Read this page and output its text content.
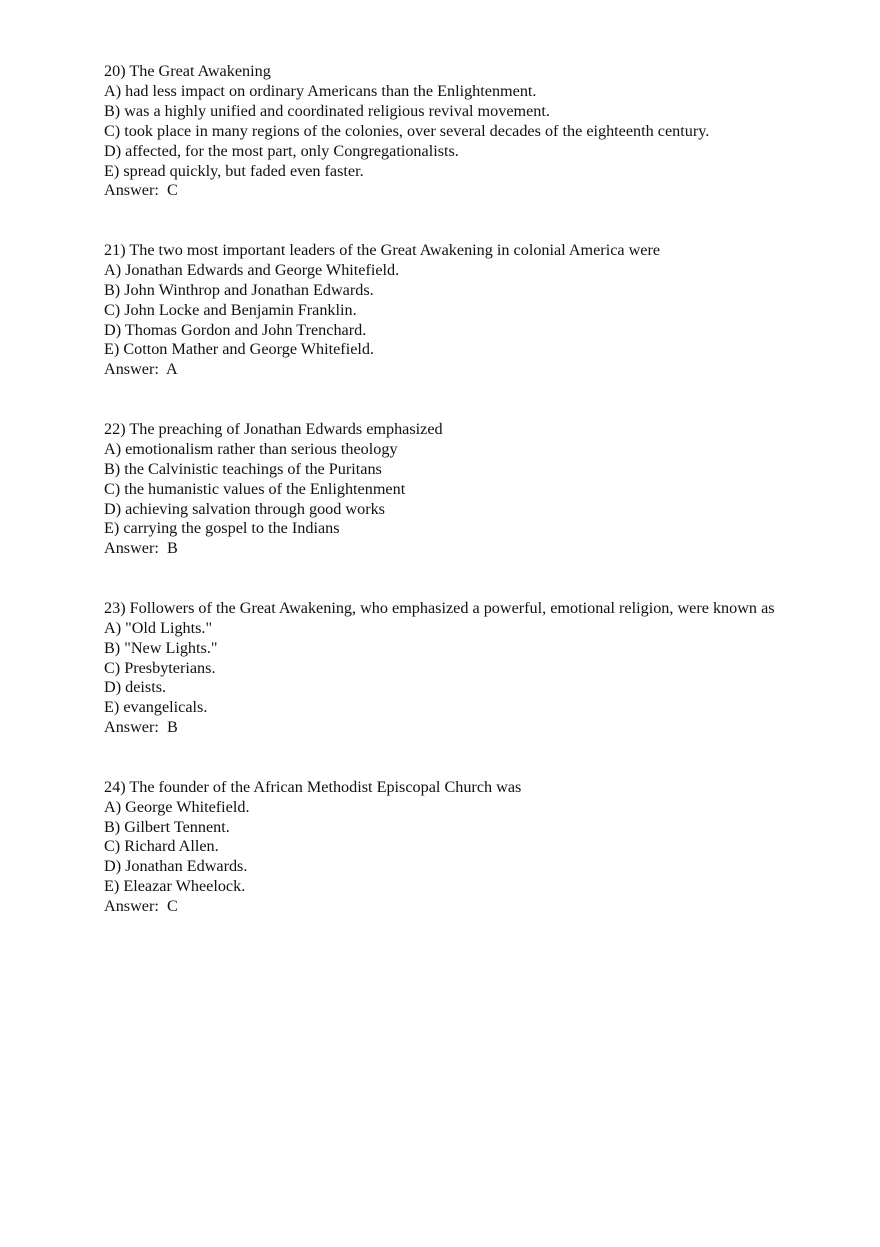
20) The Great Awakening
A) had less impact on ordinary Americans than the Enlightenment.
B) was a highly unified and coordinated religious revival movement.
C) took place in many regions of the colonies, over several decades of the eighteenth century.
D) affected, for the most part, only Congregationalists.
E) spread quickly, but faded even faster.
Answer:  C
21) The two most important leaders of the Great Awakening in colonial America were
A) Jonathan Edwards and George Whitefield.
B) John Winthrop and Jonathan Edwards.
C) John Locke and Benjamin Franklin.
D) Thomas Gordon and John Trenchard.
E) Cotton Mather and George Whitefield.
Answer:  A
22) The preaching of Jonathan Edwards emphasized
A) emotionalism rather than serious theology
B) the Calvinistic teachings of the Puritans
C) the humanistic values of the Enlightenment
D) achieving salvation through good works
E) carrying the gospel to the Indians
Answer:  B
23) Followers of the Great Awakening, who emphasized a powerful, emotional religion, were known as
A) "Old Lights."
B) "New Lights."
C) Presbyterians.
D) deists.
E) evangelicals.
Answer:  B
24) The founder of the African Methodist Episcopal Church was
A) George Whitefield.
B) Gilbert Tennent.
C) Richard Allen.
D) Jonathan Edwards.
E) Eleazar Wheelock.
Answer:  C
